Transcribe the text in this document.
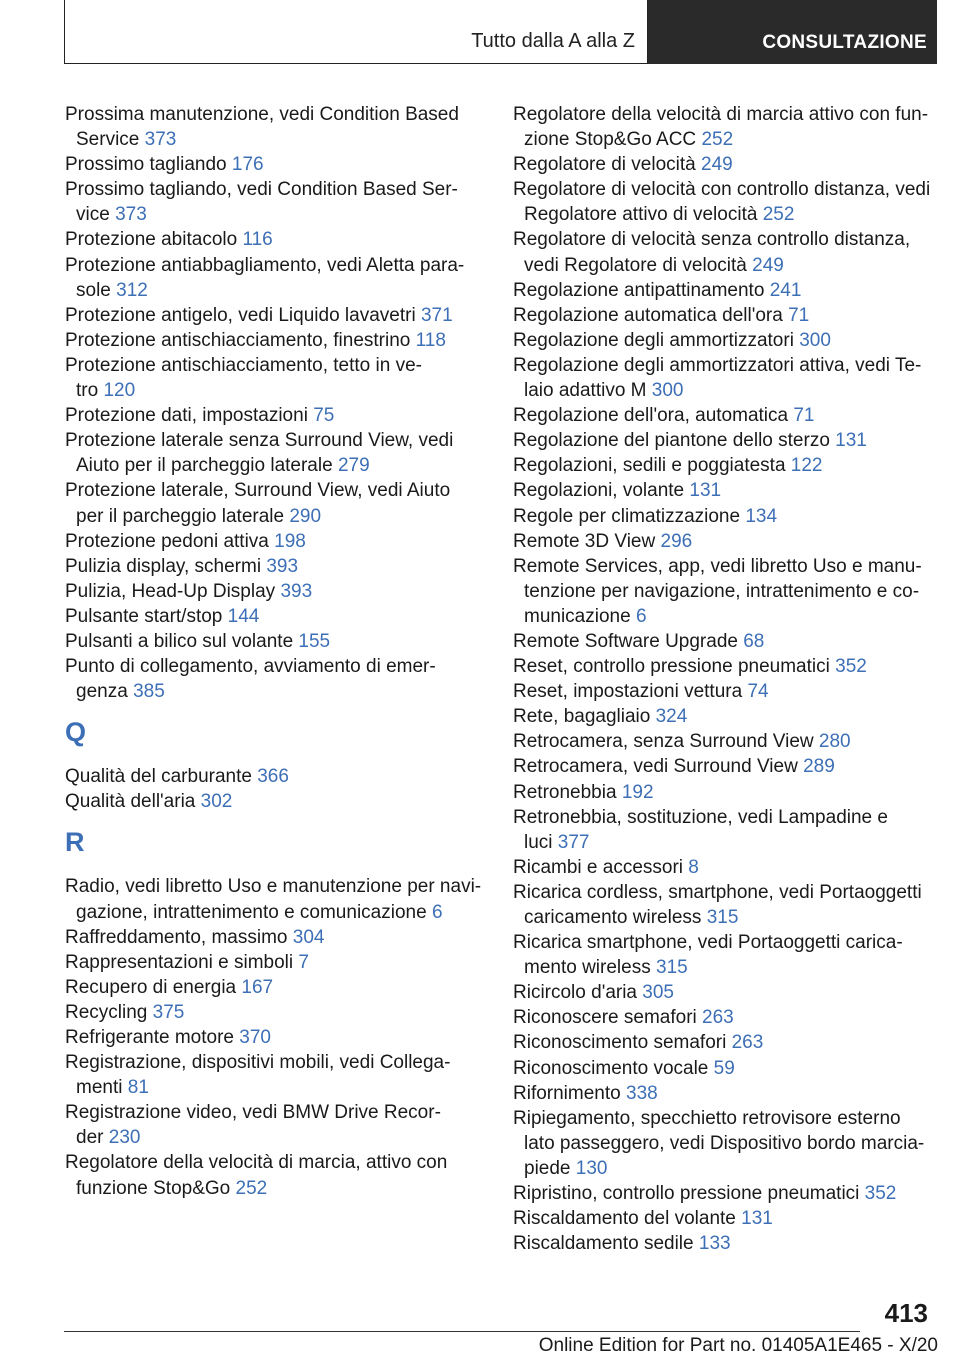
Tutto dalla A alla Z	CONSULTAZIONE
Prossima manutenzione, vedi Condition Based
Service 373
Prossimo tagliando 176
Prossimo tagliando, vedi Condition Based Ser-
vice 373
Protezione abitacolo 116
Protezione antiabbagliamento, vedi Aletta para-
sole 312
Protezione antigelo, vedi Liquido lavavetri 371
Protezione antischiacciamento, finestrino 118
Protezione antischiacciamento, tetto in ve-
tro 120
Protezione dati, impostazioni 75
Protezione laterale senza Surround View, vedi
Aiuto per il parcheggio laterale 279
Protezione laterale, Surround View, vedi Aiuto
per il parcheggio laterale 290
Protezione pedoni attiva 198
Pulizia display, schermi 393
Pulizia, Head-Up Display 393
Pulsante start/stop 144
Pulsanti a bilico sul volante 155
Punto di collegamento, avviamento di emer-
genza 385
Q
Qualità del carburante 366
Qualità dell'aria 302
R
Radio, vedi libretto Uso e manutenzione per navi-
gazione, intrattenimento e comunicazione 6
Raffreddamento, massimo 304
Rappresentazioni e simboli 7
Recupero di energia 167
Recycling 375
Refrigerante motore 370
Registrazione, dispositivi mobili, vedi Collega-
menti 81
Registrazione video, vedi BMW Drive Recor-
der 230
Regolatore della velocità di marcia, attivo con
funzione Stop&Go 252
Regolatore della velocità di marcia attivo con fun-
zione Stop&Go ACC 252
Regolatore di velocità 249
Regolatore di velocità con controllo distanza, vedi
Regolatore attivo di velocità 252
Regolatore di velocità senza controllo distanza,
vedi Regolatore di velocità 249
Regolazione antipattinamento 241
Regolazione automatica dell'ora 71
Regolazione degli ammortizzatori 300
Regolazione degli ammortizzatori attiva, vedi Te-
laio adattivo M 300
Regolazione dell'ora, automatica 71
Regolazione del piantone dello sterzo 131
Regolazioni, sedili e poggiatesta 122
Regolazioni, volante 131
Regole per climatizzazione 134
Remote 3D View 296
Remote Services, app, vedi libretto Uso e manu-
tenzione per navigazione, intrattenimento e co-
municazione 6
Remote Software Upgrade 68
Reset, controllo pressione pneumatici 352
Reset, impostazioni vettura 74
Rete, bagagliaio 324
Retrocamera, senza Surround View 280
Retrocamera, vedi Surround View 289
Retronebbia 192
Retronebbia, sostituzione, vedi Lampadine e
luci 377
Ricambi e accessori 8
Ricarica cordless, smartphone, vedi Portaoggetti
caricamento wireless 315
Ricarica smartphone, vedi Portaoggetti carica-
mento wireless 315
Ricircolo d'aria 305
Riconoscere semafori 263
Riconoscimento semafori 263
Riconoscimento vocale 59
Rifornimento 338
Ripiegamento, specchietto retrovisore esterno
lato passeggero, vedi Dispositivo bordo marcia-
piede 130
Ripristino, controllo pressione pneumatici 352
Riscaldamento del volante 131
Riscaldamento sedile 133
413
Online Edition for Part no. 01405A1E465 - X/20
